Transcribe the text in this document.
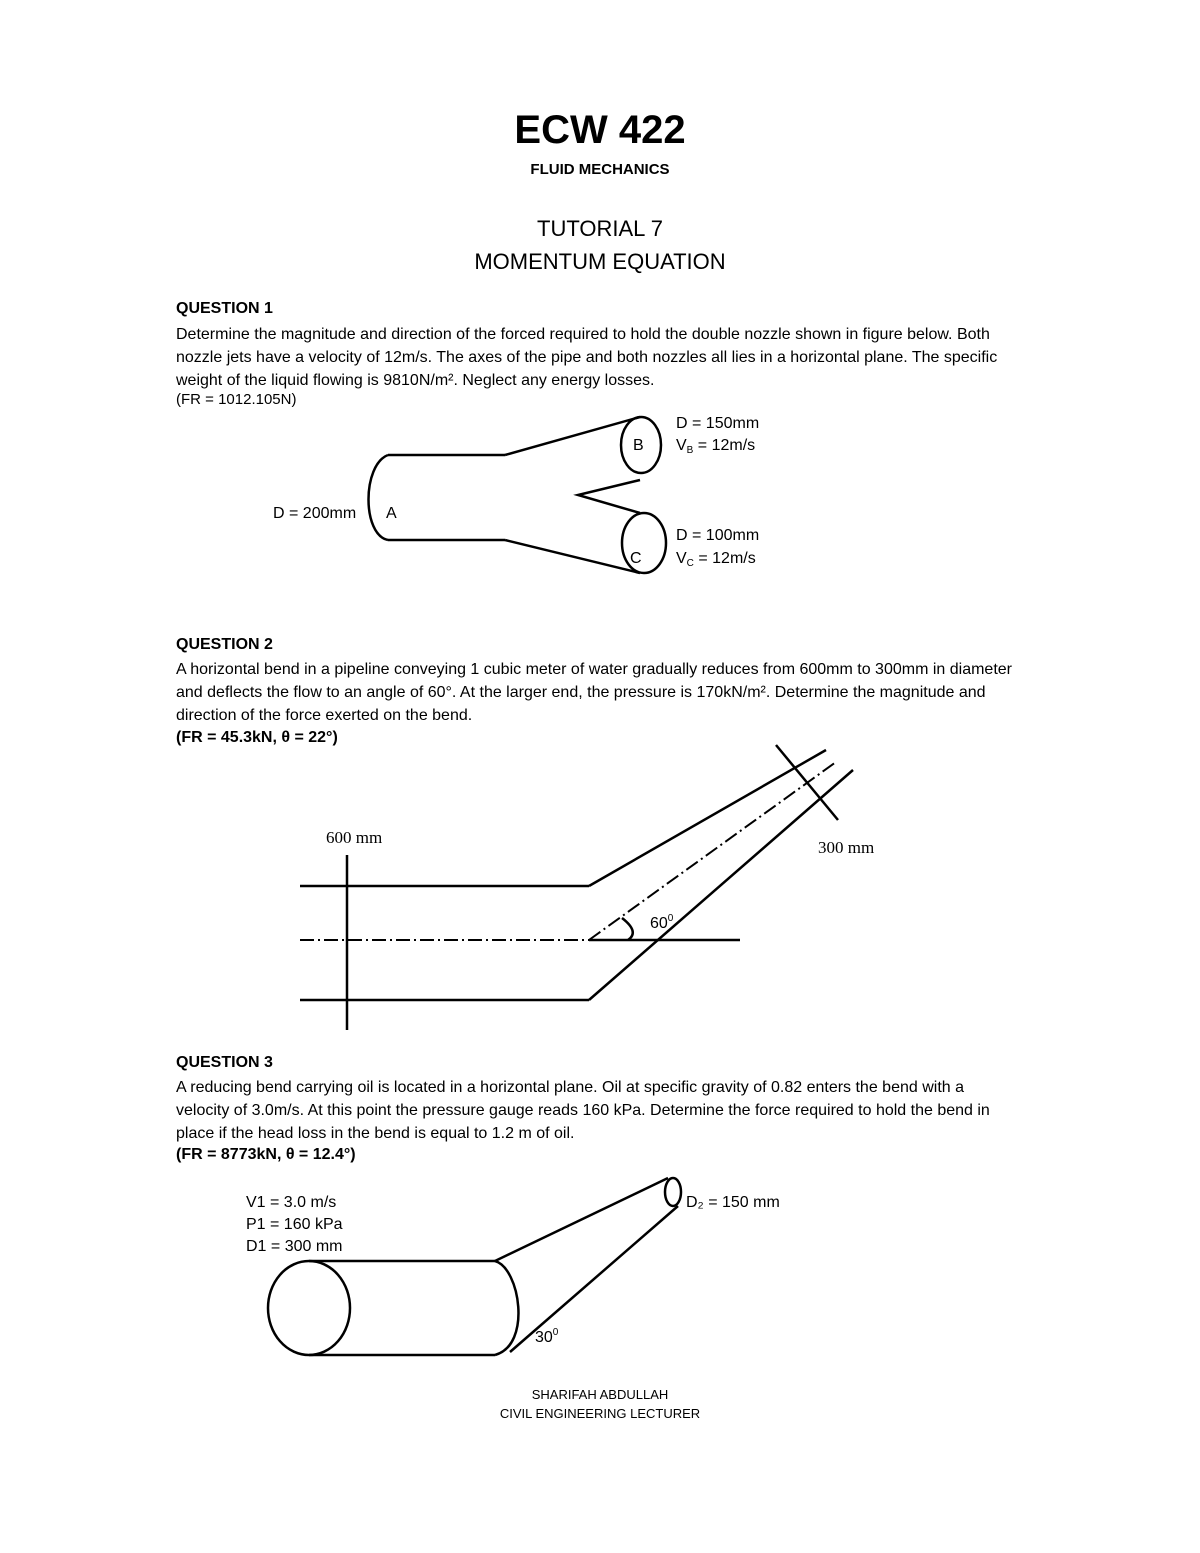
ECW 422
FLUID MECHANICS
TUTORIAL 7
MOMENTUM EQUATION
QUESTION 1

Determine the magnitude and direction of the forced required to hold the double nozzle shown in figure below. Both

nozzle jets have a velocity of 12m/s. The axes of the pipe and both nozzles all lies in a horizontal plane. The specific

weight of the liquid flowing is 9810N/m². Neglect any energy losses.

(FR = 1012.105N)
D = 200mm A
B
C
D = 150mm
VB = 12m/s
D = 100mm
VC = 12m/s
QUESTION 2

A horizontal bend in a pipeline conveying 1 cubic meter of water gradually reduces from 600mm to 300mm in diameter

and deflects the flow to an angle of 60°. At the larger end, the pressure is 170kN/m². Determine the magnitude and

direction of the force exerted on the bend.

(FR = 45.3kN, θ = 22°)
600 mm
300 mm
$60^0$
QUESTION 3

A reducing bend carrying oil is located in a horizontal plane. Oil at specific gravity of 0.82 enters the bend with a

velocity of 3.0m/s. At this point the pressure gauge reads 160 kPa. Determine the force required to hold the bend in

place if the head loss in the bend is equal to 1.2 m of oil.

(FR = 8773kN, θ = 12.4°)
V1 = 3.0 m/s
P1 = 160 kPa
D1 = 300 mm
D₂ = 150 mm
$30^0$
SHARIFAH ABDULLAH
CIVIL ENGINEERING LECTURER
